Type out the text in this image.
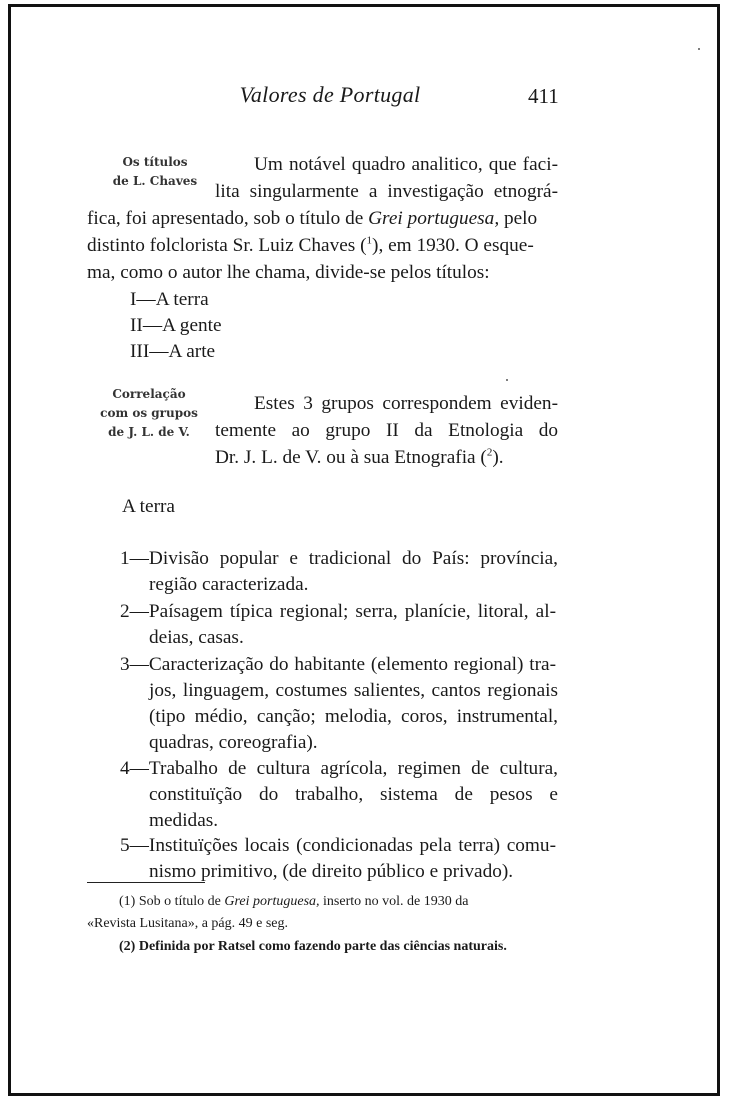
Valores de Portugal	411
Os títulos
de L. Chaves
Um notável quadro analitico, que faci-
lita singularmente a investigação etnográ-
fica, foi apresentado, sob o título de Grei portuguesa, pelo
distinto folclorista Sr. Luiz Chaves ($^1$), em 1930. O esque-
ma, como o autor lhe chama, divide-se pelos títulos:
I—A terra
II—A gente
III—A arte
Correlação
com os grupos
de J. L. de V.
Estes 3 grupos correspondem eviden-
temente ao grupo II da Etnologia do
Dr. J. L. de V. ou à sua Etnografia ($^2$).
A terra
1—Divisão popular e tradicional do País: província,
região caracterizada.
2—Paísagem típica regional; serra, planície, litoral, al-
deias, casas.
3—Caracterização do habitante (elemento regional) tra-
jos, linguagem, costumes salientes, cantos regionais
(tipo médio, canção; melodia, coros, instrumental,
quadras, coreografia).
4—Trabalho de cultura agrícola, regimen de cultura,
constituïção do trabalho, sistema de pesos e
medidas.
5—Instituïções locais (condicionadas pela terra) comu-
nismo primitivo, (de direito público e privado).
(1) Sob o título de Grei portuguesa, inserto no vol. de 1930 da
«Revista Lusitana», a pág. 49 e seg.
(2) Definida por Ratsel como fazendo parte das ciências naturais.
